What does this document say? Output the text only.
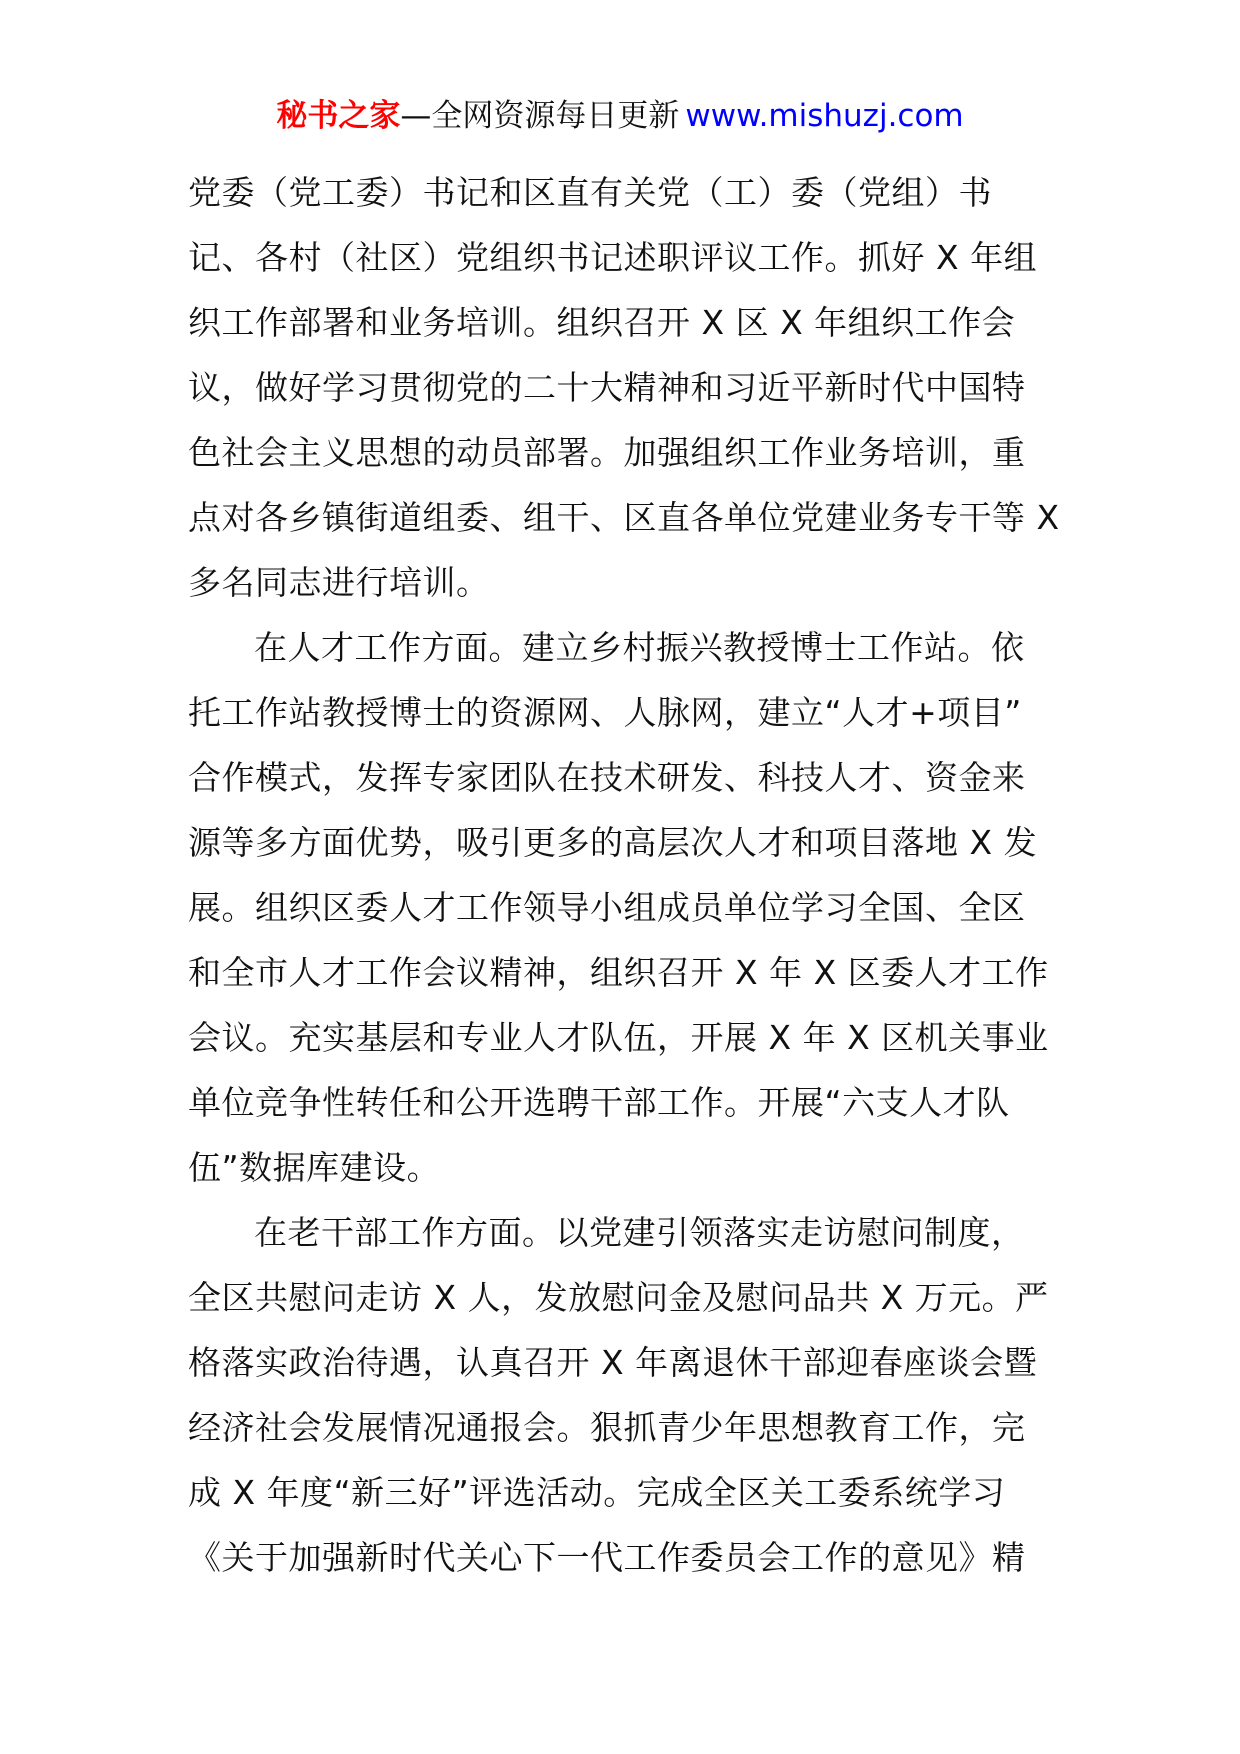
秘书之家—全网资源每日更新 www.mishuzj.com
党委（党工委）书记和区直有关党（工）委（党组）书
记、各村（社区）党组织书记述职评议工作。抓好 X 年组
织工作部署和业务培训。组织召开 X 区 X 年组织工作会
议，做好学习贯彻党的二十大精神和习近平新时代中国特
色社会主义思想的动员部署。加强组织工作业务培训，重
点对各乡镇街道组委、组干、区直各单位党建业务专干等 X
多名同志进行培训。
在人才工作方面。建立乡村振兴教授博士工作站。依
托工作站教授博士的资源网、人脉网，建立“人才+项目”
合作模式，发挥专家团队在技术研发、科技人才、资金来
源等多方面优势，吸引更多的高层次人才和项目落地 X 发
展。组织区委人才工作领导小组成员单位学习全国、全区
和全市人才工作会议精神，组织召开 X 年 X 区委人才工作
会议。充实基层和专业人才队伍，开展 X 年 X 区机关事业
单位竞争性转任和公开选聘干部工作。开展“六支人才队
伍”数据库建设。
在老干部工作方面。以党建引领落实走访慰问制度，
全区共慰问走访 X 人，发放慰问金及慰问品共 X 万元。严
格落实政治待遇，认真召开 X 年离退休干部迎春座谈会暨
经济社会发展情况通报会。狠抓青少年思想教育工作，完
成 X 年度“新三好”评选活动。完成全区关工委系统学习
《关于加强新时代关心下一代工作委员会工作的意见》精
